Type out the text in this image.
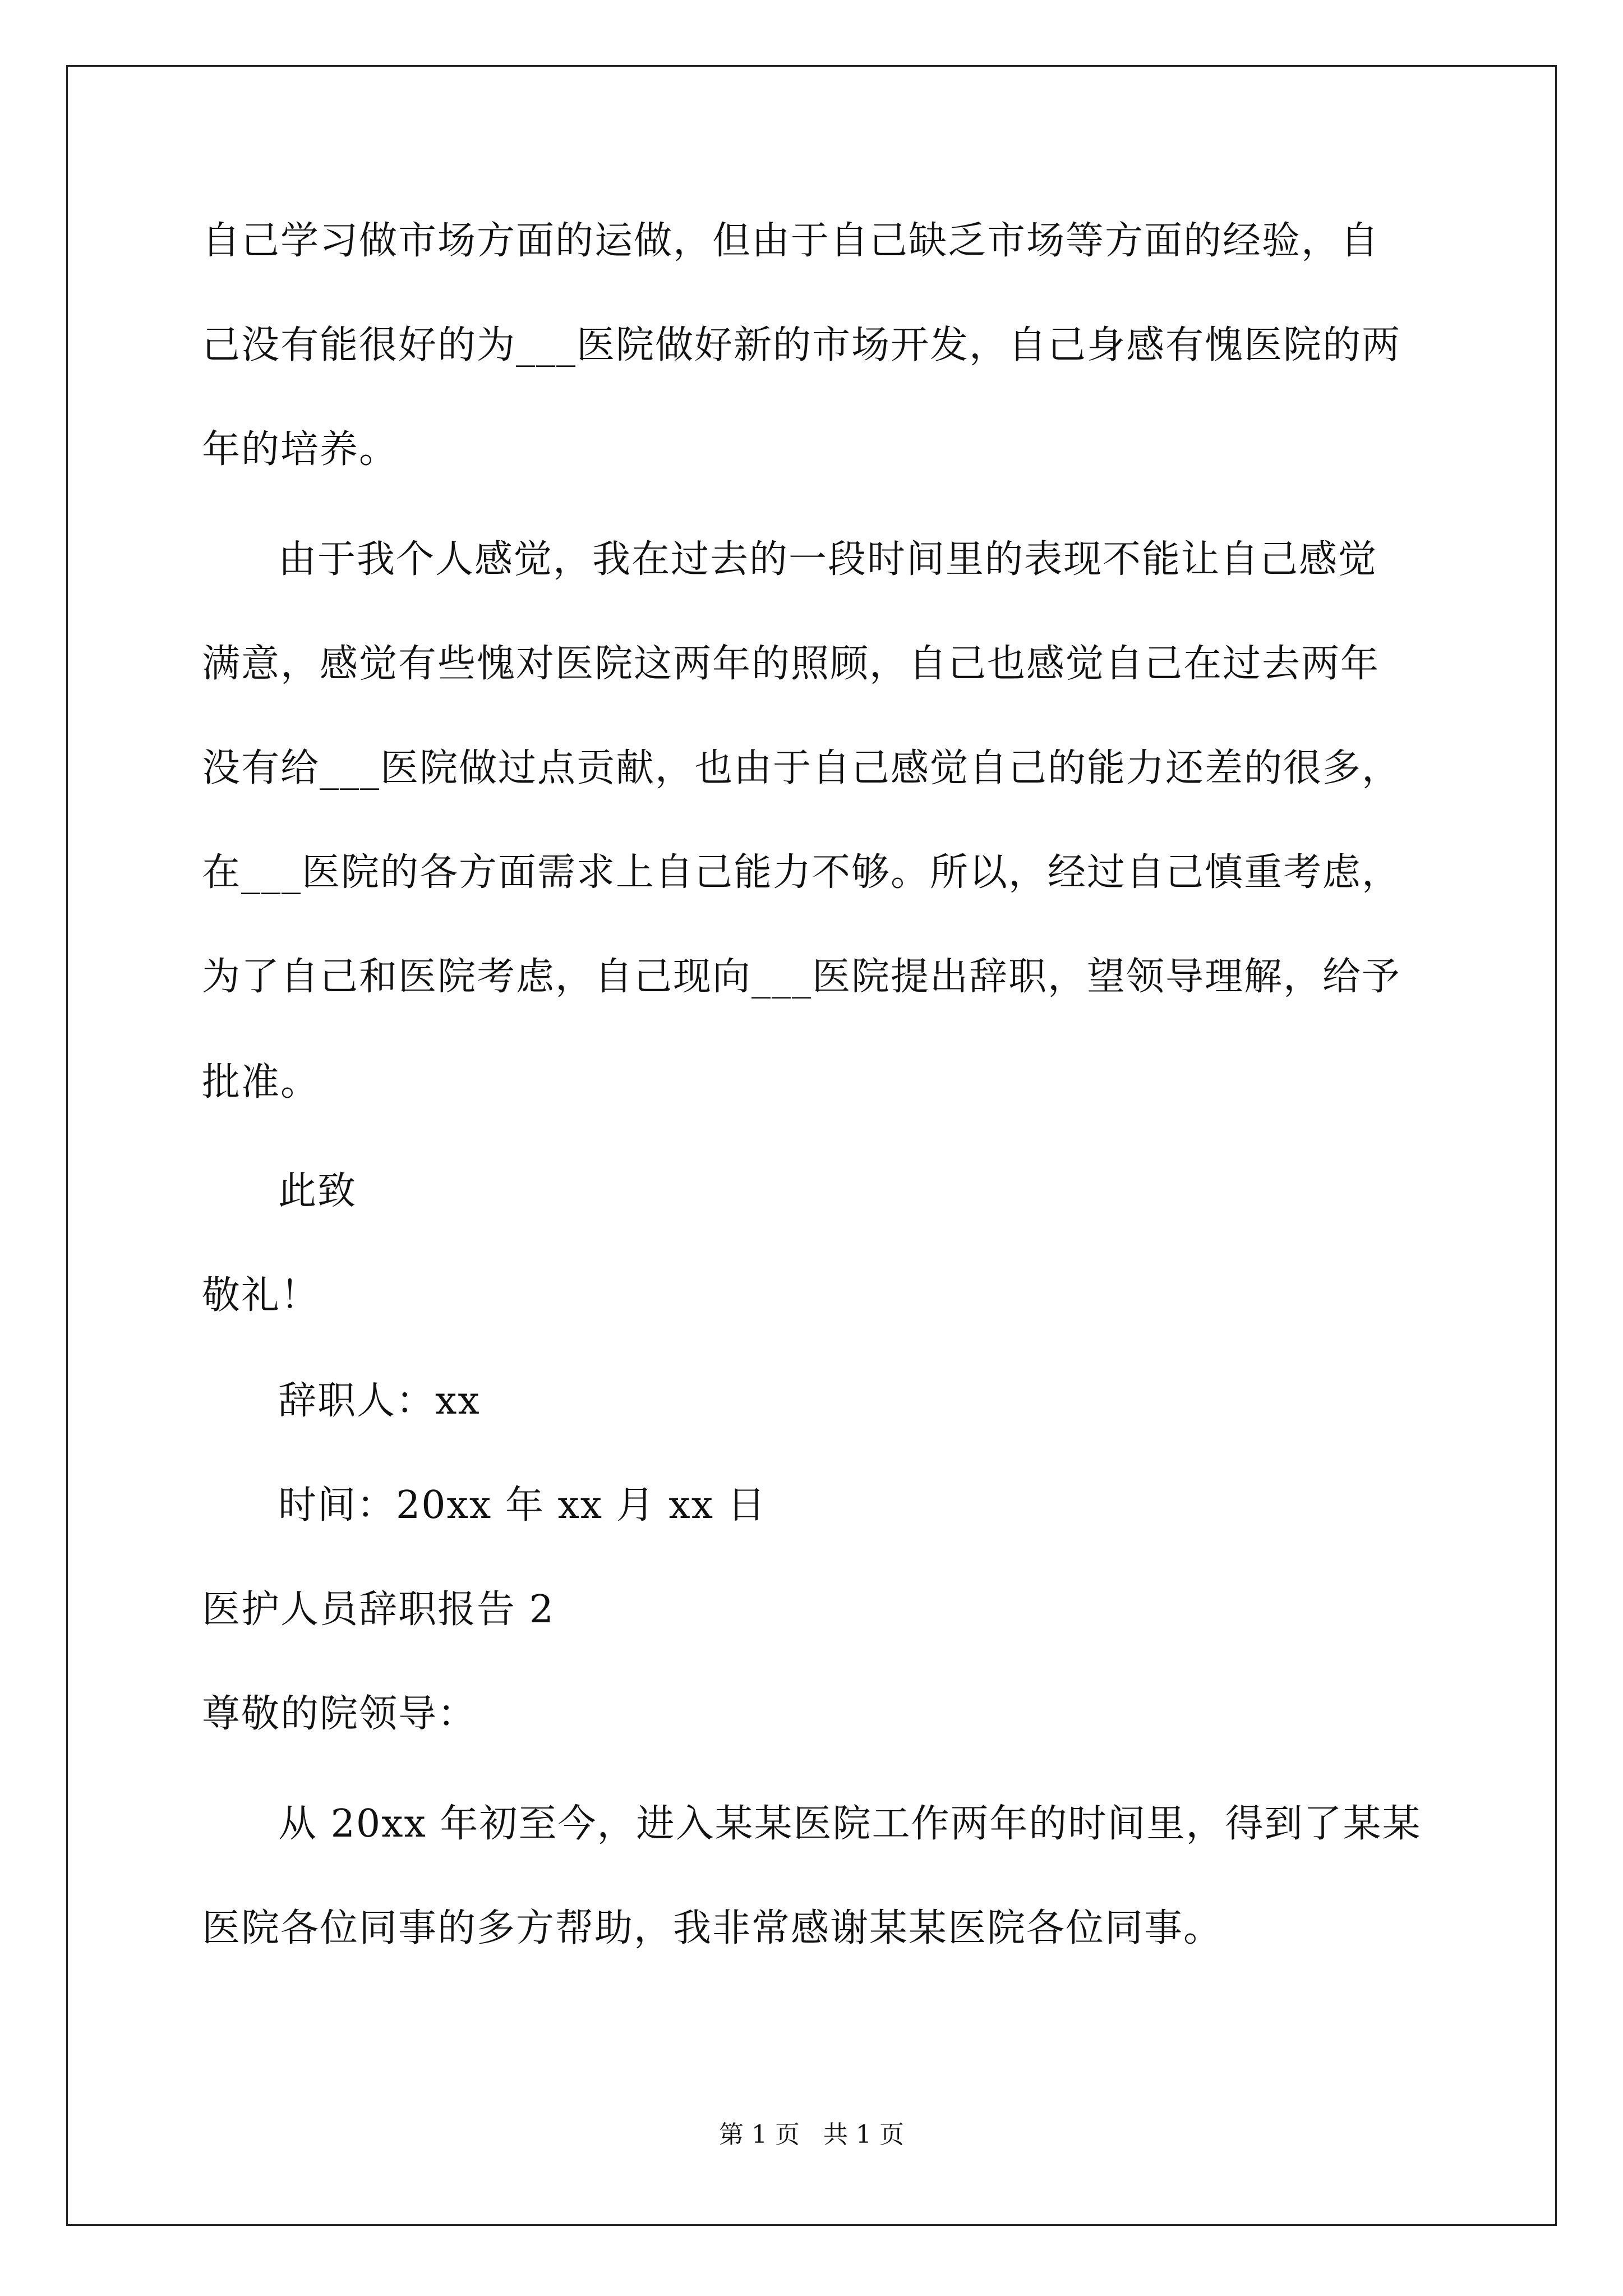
自己学习做市场方面的运做，但由于自己缺乏市场等方面的经验，自
己没有能很好的为___医院做好新的市场开发，自己身感有愧医院的两
年的培养。
由于我个人感觉，我在过去的一段时间里的表现不能让自己感觉
满意，感觉有些愧对医院这两年的照顾，自己也感觉自己在过去两年
没有给___医院做过点贡献，也由于自己感觉自己的能力还差的很多，
在___医院的各方面需求上自己能力不够。所以，经过自己慎重考虑，
为了自己和医院考虑，自己现向___医院提出辞职，望领导理解，给予
批准。
此致
敬礼！
辞职人：xx
时间：20xx 年 xx 月 xx 日
医护人员辞职报告 2
尊敬的院领导：
从 20xx 年初至今，进入某某医院工作两年的时间里，得到了某某
医院各位同事的多方帮助，我非常感谢某某医院各位同事。
第 1 页   共 1 页
